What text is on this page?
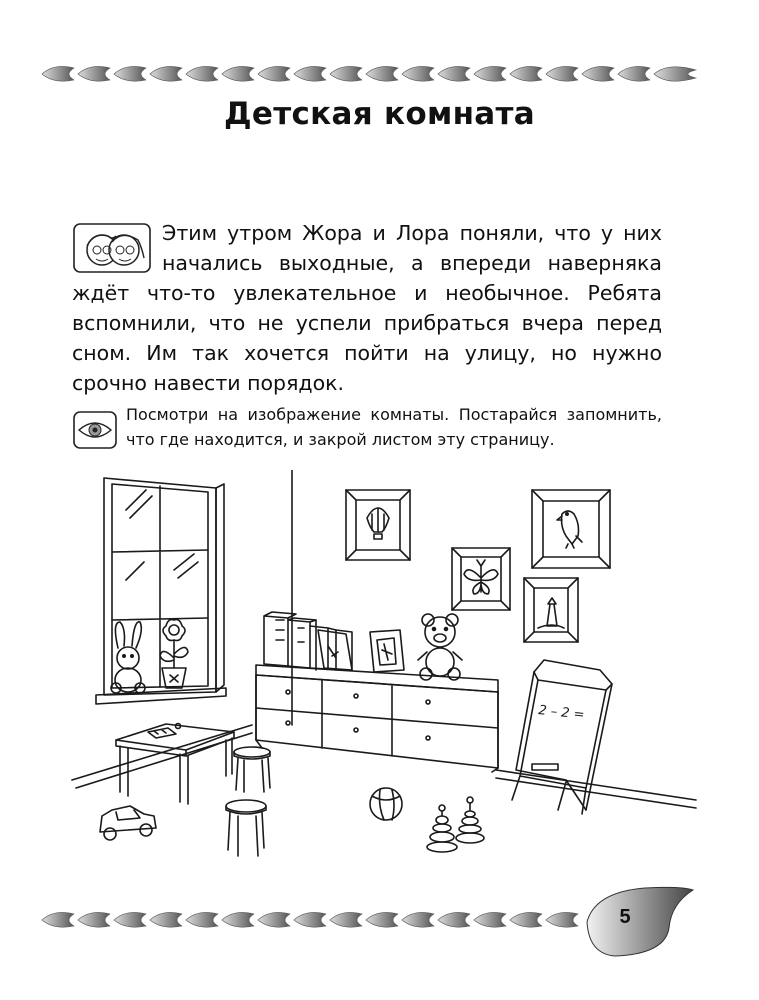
Детская комната

Этим утром Жора и Лора поняли, что у них начались выходные, а впереди наверняка ждёт что-то увлекательное и необычное. Ребята вспомнили, что не успели прибраться вчера перед сном. Им так хочется пойти на улицу, но нужно срочно навести порядок.

Посмотри на изображение комнаты. Постарайся запомнить, что где находится, и закрой листом эту страницу.

2 – 2 =
5
